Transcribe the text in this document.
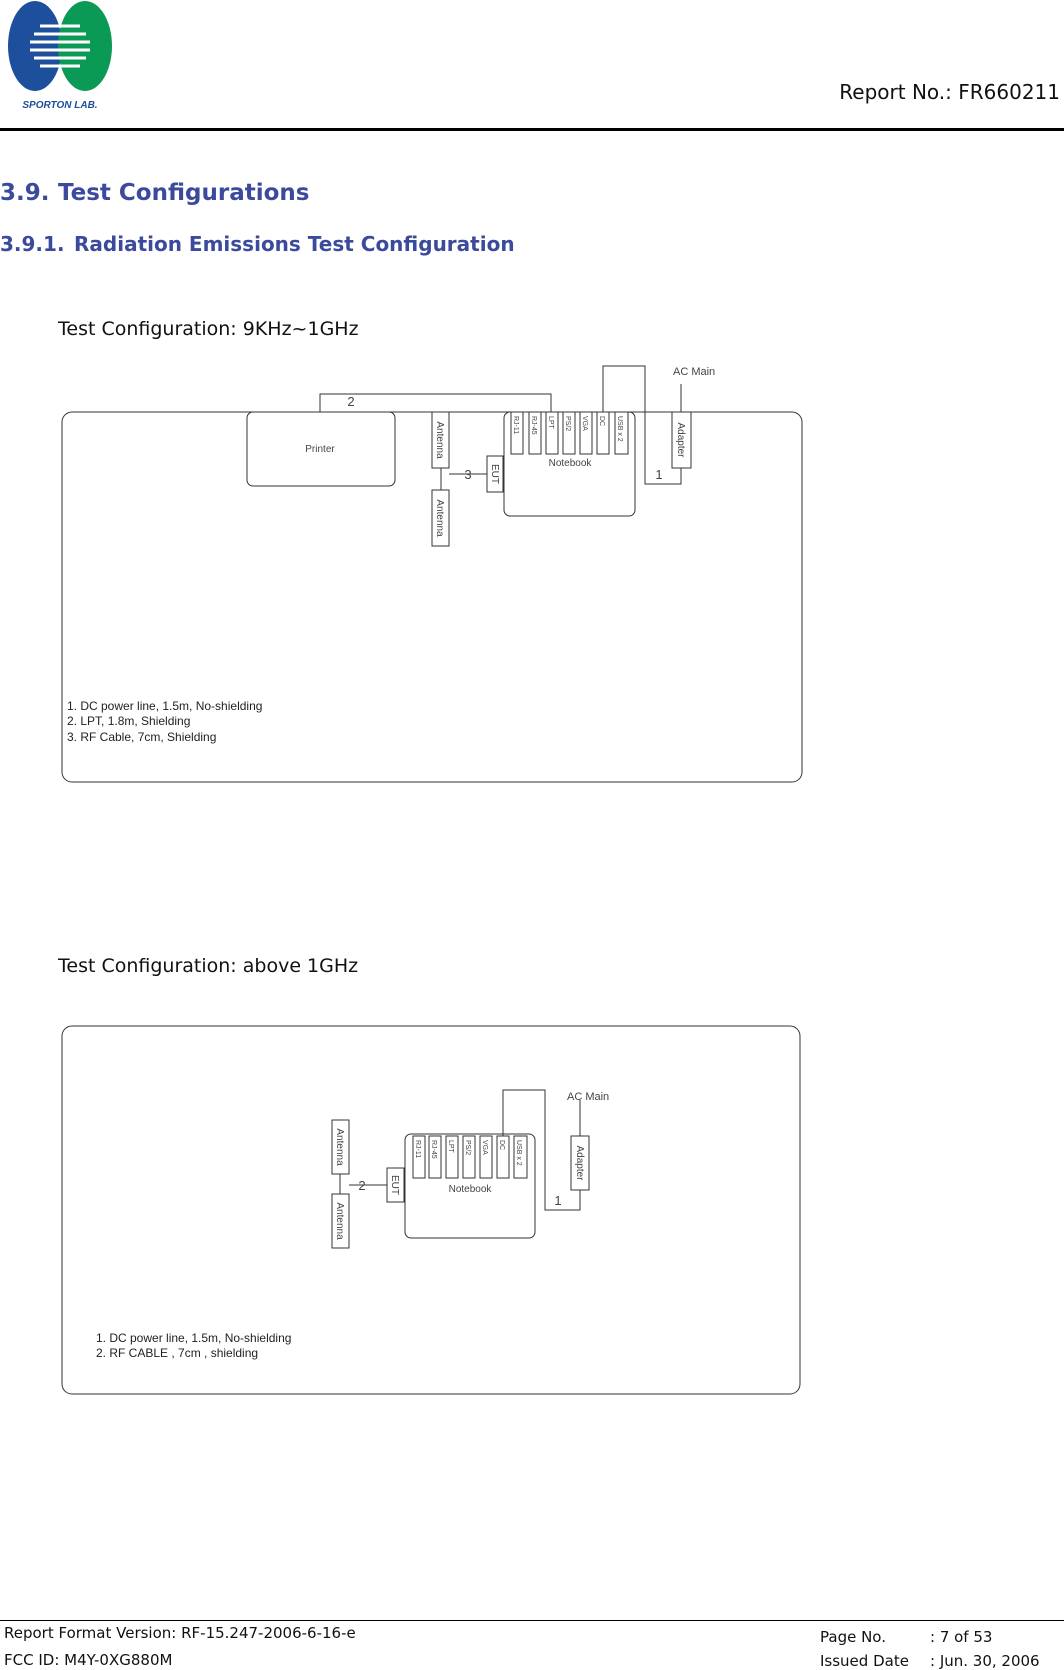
SPORTON LAB.
Report No.: FR660211
3.9. Test Configurations
3.9.1. Radiation Emissions Test Configuration
Test Configuration: 9KHz~1GHz
AC Main
Printer
Notebook
2
3	1
Antenna
Antenna
EUT
Adapter
RJ-11 RJ-45 LPT PS/2 VGA DC USB x 2
1. DC power line, 1.5m, No-shielding
2. LPT, 1.8m, Shielding
3. RF Cable, 7cm, Shielding
Test Configuration: above 1GHz
AC Main
Notebook
2
1
Antenna
Antenna
EUT
Adapter
RJ-11 RJ-45 LPT PS/2 VGA DC USB x 2
1. DC power line, 1.5m, No-shielding
2. RF CABLE , 7cm , shielding
Report Format Version: RF-15.247-2006-6-16-e
FCC ID: M4Y-0XG880M
Page No.	: 7 of 53
Issued Date : Jun. 30, 2006
